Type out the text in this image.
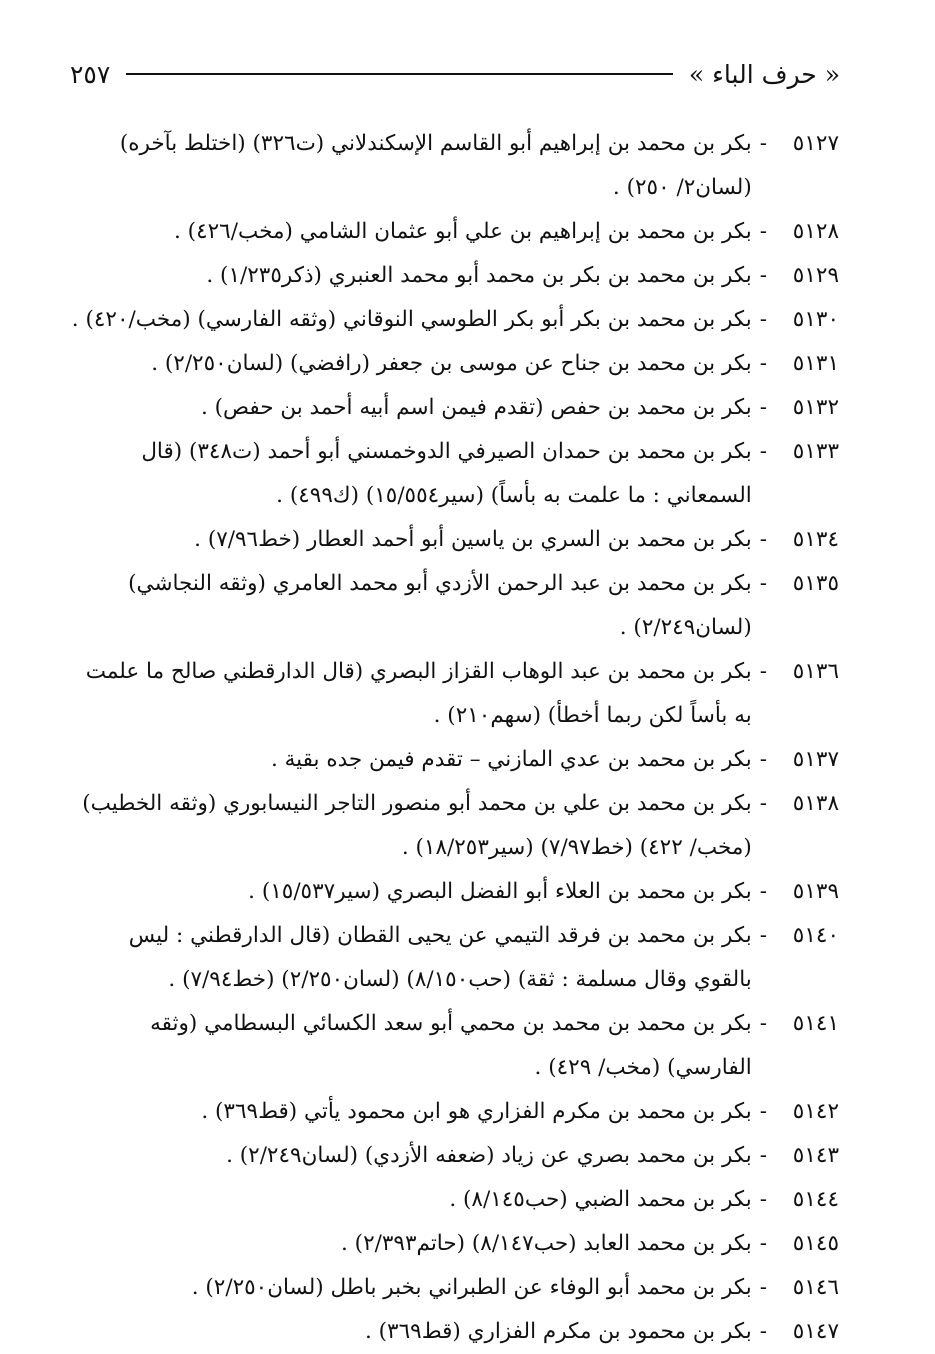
« حرف الباء »
٢٥٧
٥١٢٧
-
بكر بن محمد بن إبراهيم أبو القاسم الإسكندلاني (ت٣٢٦) (اختلط بآخره) (لسان٢/ ٢٥٠) .
٥١٢٨
-
بكر بن محمد بن إبراهيم بن علي أبو عثمان الشامي (مخب/٤٢٦) .
٥١٢٩
-
بكر بن محمد بن بكر بن محمد أبو محمد العنبري (ذكر١/٢٣٥) .
٥١٣٠
-
بكر بن محمد بن بكر أبو بكر الطوسي النوقاني (وثقه الفارسي) (مخب/٤٢٠) .
٥١٣١
-
بكر بن محمد بن جناح عن موسى بن جعفر (رافضي) (لسان٢/٢٥٠) .
٥١٣٢
-
بكر بن محمد بن حفص (تقدم فيمن اسم أبيه أحمد بن حفص) .
٥١٣٣
-
بكر بن محمد بن حمدان الصيرفي الدوخمسني أبو أحمد (ت٣٤٨) (قال السمعاني : ما علمت به بأساً) (سير١٥/٥٥٤) (ك٤٩٩) .
٥١٣٤
-
بكر بن محمد بن السري بن ياسين أبو أحمد العطار (خط٧/٩٦) .
٥١٣٥
-
بكر بن محمد بن عبد الرحمن الأزدي أبو محمد العامري (وثقه النجاشي) (لسان٢/٢٤٩) .
٥١٣٦
-
بكر بن محمد بن عبد الوهاب القزاز البصري (قال الدارقطني صالح ما علمت به بأساً لكن ربما أخطأ) (سهم٢١٠) .
٥١٣٧
-
بكر بن محمد بن عدي المازني – تقدم فيمن جده بقية .
٥١٣٨
-
بكر بن محمد بن علي بن محمد أبو منصور التاجر النيسابوري (وثقه الخطيب) (مخب/ ٤٢٢) (خط٧/٩٧) (سير١٨/٢٥٣) .
٥١٣٩
-
بكر بن محمد بن العلاء أبو الفضل البصري (سير١٥/٥٣٧) .
٥١٤٠
-
بكر بن محمد بن فرقد التيمي عن يحيى القطان (قال الدارقطني : ليس بالقوي وقال مسلمة : ثقة) (حب٨/١٥٠) (لسان٢/٢٥٠) (خط٧/٩٤) .
٥١٤١
-
بكر بن محمد بن محمد بن محمي أبو سعد الكسائي البسطامي (وثقه الفارسي) (مخب/ ٤٢٩) .
٥١٤٢
-
بكر بن محمد بن مكرم الفزاري هو ابن محمود يأتي (قط٣٦٩) .
٥١٤٣
-
بكر بن محمد بصري عن زياد (ضعفه الأزدي) (لسان٢/٢٤٩) .
٥١٤٤
-
بكر بن محمد الضبي (حب٨/١٤٥) .
٥١٤٥
-
بكر بن محمد العابد (حب٨/١٤٧) (حاتم٢/٣٩٣) .
٥١٤٦
-
بكر بن محمد أبو الوفاء عن الطبراني بخبر باطل (لسان٢/٢٥٠) .
٥١٤٧
-
بكر بن محمود بن مكرم الفزاري (قط٣٦٩) .
